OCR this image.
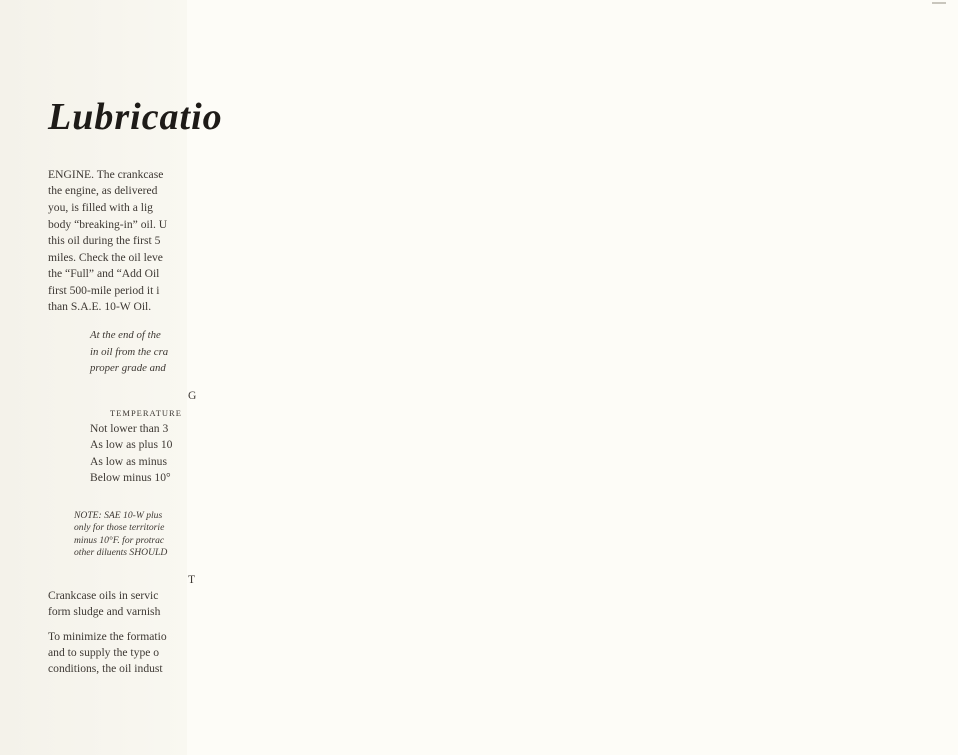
Lubricatio
ENGINE. The crankcase
the engine, as delivered
you, is filled with a lig
body “breaking-in” oil. U
this oil during the first 5
miles. Check the oil leve
the “Full” and “Add Oil
first 500-mile period it i
than S.A.E. 10-W Oil.
At the end of the
in oil from the cra
proper grade and
G
TEMPERATURE
Not lower than 3
As low as plus 10
As low as minus
Below minus 10°
NOTE: SAE 10-W plus
only for those territorie
minus 10°F. for protrac
other diluents SHOULD
T
Crankcase oils in servic
form sludge and varnish
To minimize the formatio
and to supply the type o
conditions, the oil indust
